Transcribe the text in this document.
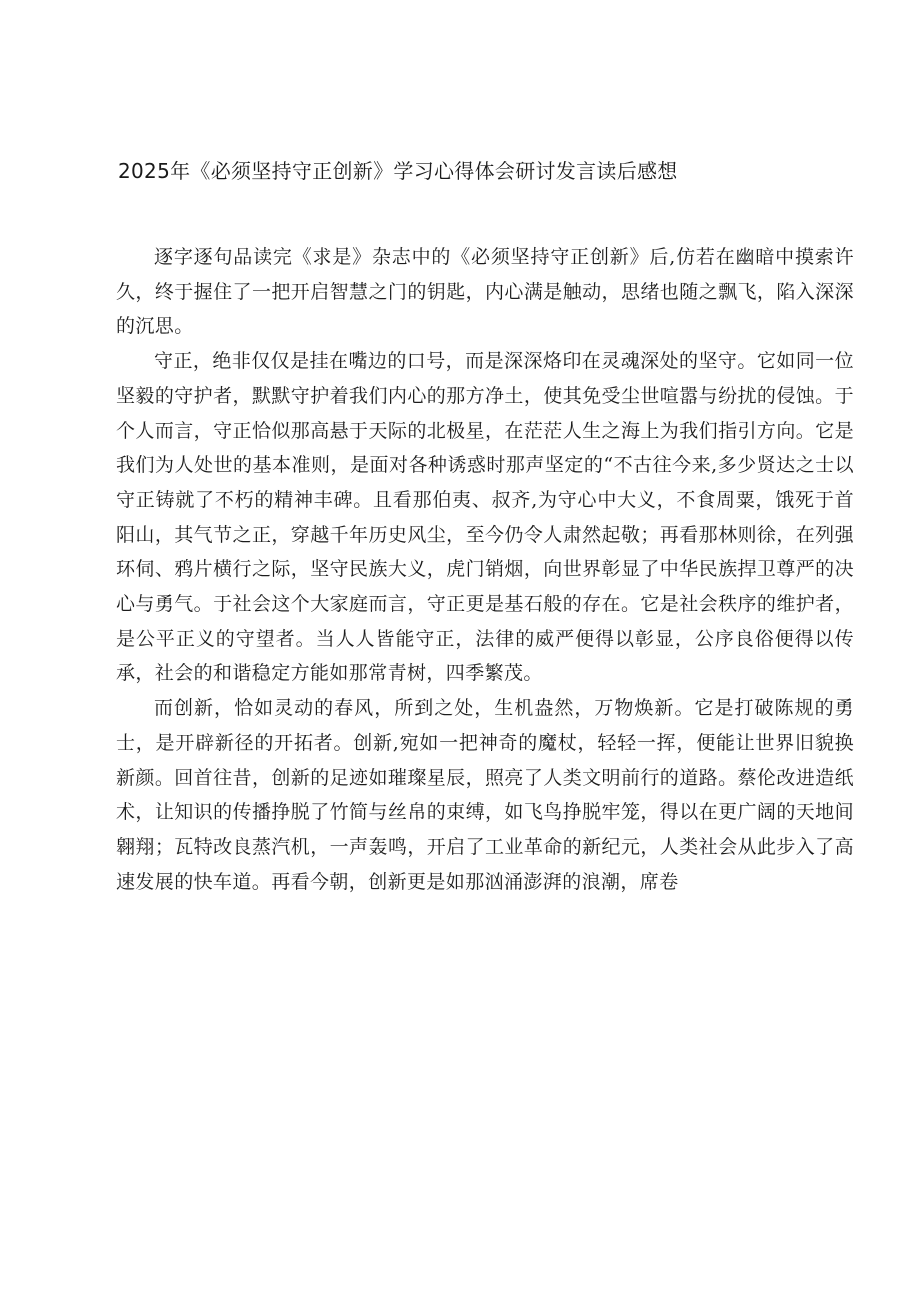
2025年《必须坚持守正创新》学习心得体会研讨发言读后感想

逐字逐句品读完《求是》杂志中的《必须坚持守正创新》后,仿若在幽暗中摸索许久，终于握住了一把开启智慧之门的钥匙，内心满是触动，思绪也随之飘飞，陷入深深的沉思。

守正，绝非仅仅是挂在嘴边的口号，而是深深烙印在灵魂深处的坚守。它如同一位坚毅的守护者，默默守护着我们内心的那方净土，使其免受尘世喧嚣与纷扰的侵蚀。于个人而言，守正恰似那高悬于天际的北极星，在茫茫人生之海上为我们指引方向。它是我们为人处世的基本准则，是面对各种诱惑时那声坚定的“不古往今来,多少贤达之士以守正铸就了不朽的精神丰碑。且看那伯夷、叔齐,为守心中大义，不食周粟，饿死于首阳山，其气节之正，穿越千年历史风尘，至今仍令人肃然起敬；再看那林则徐，在列强环伺、鸦片横行之际，坚守民族大义，虎门销烟，向世界彰显了中华民族捍卫尊严的决心与勇气。于社会这个大家庭而言，守正更是基石般的存在。它是社会秩序的维护者，是公平正义的守望者。当人人皆能守正，法律的威严便得以彰显，公序良俗便得以传承，社会的和谐稳定方能如那常青树，四季繁茂。

而创新，恰如灵动的春风，所到之处，生机盎然，万物焕新。它是打破陈规的勇士，是开辟新径的开拓者。创新,宛如一把神奇的魔杖，轻轻一挥，便能让世界旧貌换新颜。回首往昔，创新的足迹如璀璨星辰，照亮了人类文明前行的道路。蔡伦改进造纸术，让知识的传播挣脱了竹简与丝帛的束缚，如飞鸟挣脱牢笼，得以在更广阔的天地间翱翔；瓦特改良蒸汽机，一声轰鸣，开启了工业革命的新纪元，人类社会从此步入了高速发展的快车道。再看今朝，创新更是如那汹涌澎湃的浪潮，席卷
